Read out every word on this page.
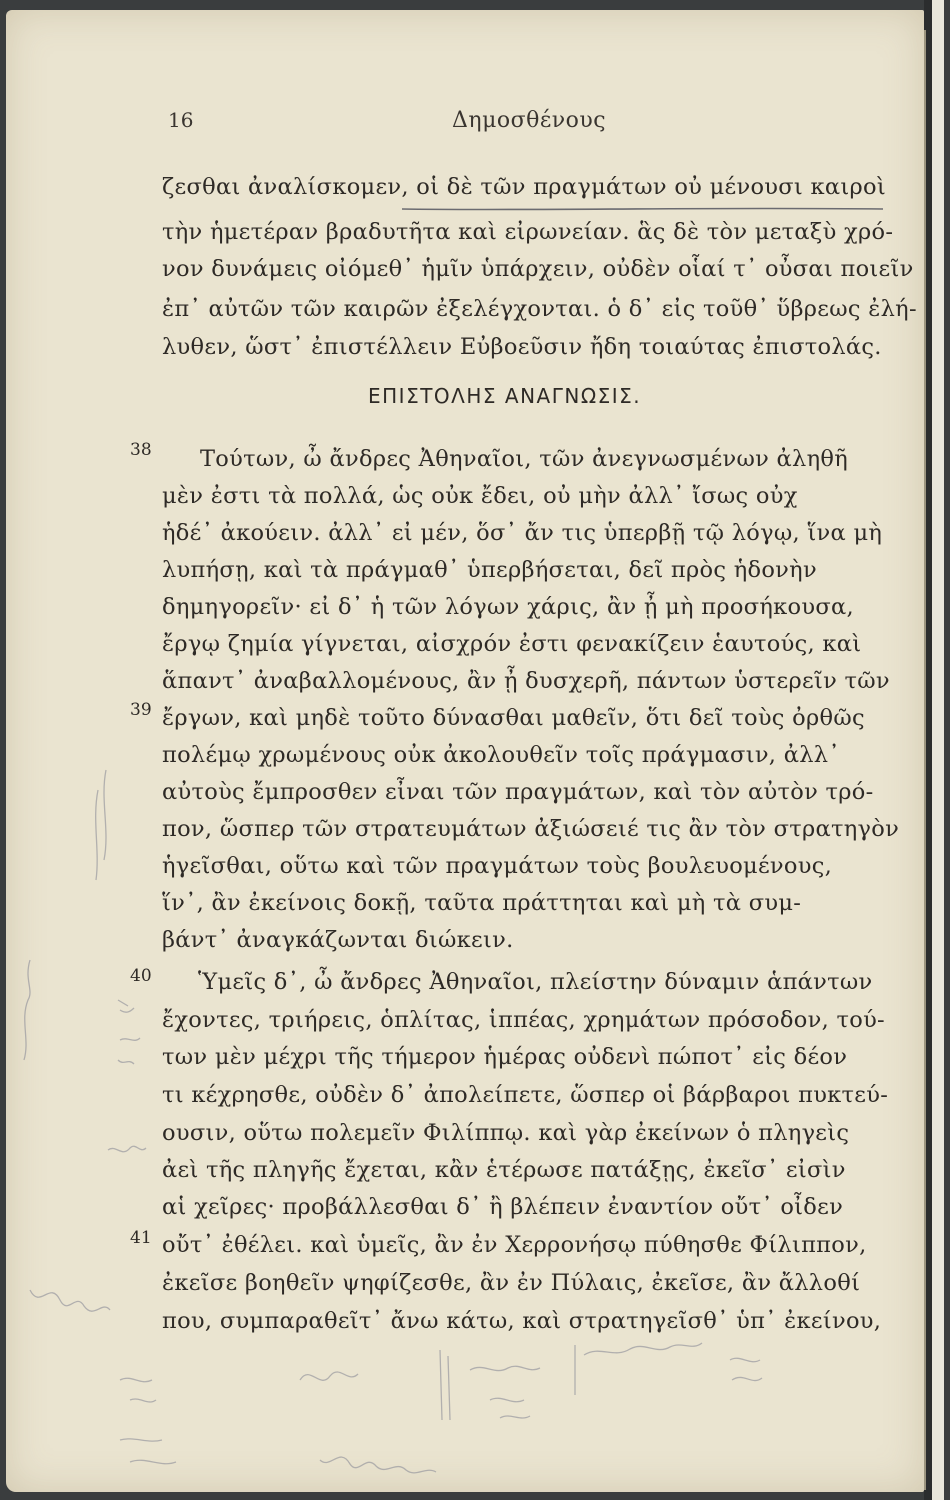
16	Δημοσθένους
ζεσθαι ἀναλίσκομεν, οἱ δὲ τῶν πραγμάτων οὐ μένουσι καιροὶ
τὴν ἡμετέραν βραδυτῆτα καὶ εἰρωνείαν. ἃς δὲ τὸν μεταξὺ χρό-
νον δυνάμεις οἰόμεθ᾽ ἡμῖν ὑπάρχειν, οὐδὲν οἷαί τ᾽ οὖσαι ποιεῖν
ἐπ᾽ αὐτῶν τῶν καιρῶν ἐξελέγχονται. ὁ δ᾽ εἰς τοῦθ᾽ ὕβρεως ἐλή-
λυθεν, ὥστ᾽ ἐπιστέλλειν Εὐβοεῦσιν ἤδη τοιαύτας ἐπιστολάς.
ΕΠΙΣΤΟΛΗΣ ΑΝΑΓΝΩΣΙΣ.
38
39
40
41
Τούτων, ὦ ἄνδρες Ἀθηναῖοι, τῶν ἀνεγνωσμένων ἀληθῆ
μὲν ἐστι τὰ πολλά, ὡς οὐκ ἔδει, οὐ μὴν ἀλλ᾽ ἴσως οὐχ
ἡδέ᾽ ἀκούειν. ἀλλ᾽ εἰ μέν, ὅσ᾽ ἄν τις ὑπερβῇ τῷ λόγῳ, ἵνα μὴ
λυπήσῃ, καὶ τὰ πράγμαθ᾽ ὑπερβήσεται, δεῖ πρὸς ἡδονὴν
δημηγορεῖν· εἰ δ᾽ ἡ τῶν λόγων χάρις, ἂν ᾖ μὴ προσήκουσα,
ἔργῳ ζημία γίγνεται, αἰσχρόν ἐστι φενακίζειν ἑαυτούς, καὶ
ἅπαντ᾽ ἀναβαλλομένους, ἂν ᾖ δυσχερῆ, πάντων ὑστερεῖν τῶν
ἔργων, καὶ μηδὲ τοῦτο δύνασθαι μαθεῖν, ὅτι δεῖ τοὺς ὀρθῶς
πολέμῳ χρωμένους οὐκ ἀκολουθεῖν τοῖς πράγμασιν, ἀλλ᾽
αὐτοὺς ἔμπροσθεν εἶναι τῶν πραγμάτων, καὶ τὸν αὐτὸν τρό-
πον, ὥσπερ τῶν στρατευμάτων ἀξιώσειέ τις ἂν τὸν στρατηγὸν
ἡγεῖσθαι, οὕτω καὶ τῶν πραγμάτων τοὺς βουλευομένους,
ἵν᾽, ἂν ἐκείνοις δοκῇ, ταῦτα πράττηται καὶ μὴ τὰ συμ-
βάντ᾽ ἀναγκάζωνται διώκειν.
Ὑμεῖς δ᾽, ὦ ἄνδρες Ἀθηναῖοι, πλείστην δύναμιν ἁπάντων
ἔχοντες, τριήρεις, ὁπλίτας, ἱππέας, χρημάτων πρόσοδον, τού-
των μὲν μέχρι τῆς τήμερον ἡμέρας οὐδενὶ πώποτ᾽ εἰς δέον
τι κέχρησθε, οὐδὲν δ᾽ ἀπολείπετε, ὥσπερ οἱ βάρβαροι πυκτεύ-
ουσιν, οὕτω πολεμεῖν Φιλίππῳ. καὶ γὰρ ἐκείνων ὁ πληγεὶς
ἀεὶ τῆς πληγῆς ἔχεται, κἂν ἑτέρωσε πατάξῃς, ἐκεῖσ᾽ εἰσὶν
αἱ χεῖρες· προβάλλεσθαι δ᾽ ἢ βλέπειν ἐναντίον οὔτ᾽ οἶδεν
οὔτ᾽ ἐθέλει. καὶ ὑμεῖς, ἂν ἐν Χερρονήσῳ πύθησθε Φίλιππον,
ἐκεῖσε βοηθεῖν ψηφίζεσθε, ἂν ἐν Πύλαις, ἐκεῖσε, ἂν ἄλλοθί
που, συμπαραθεῖτ᾽ ἄνω κάτω, καὶ στρατηγεῖσθ᾽ ὑπ᾽ ἐκείνου,
